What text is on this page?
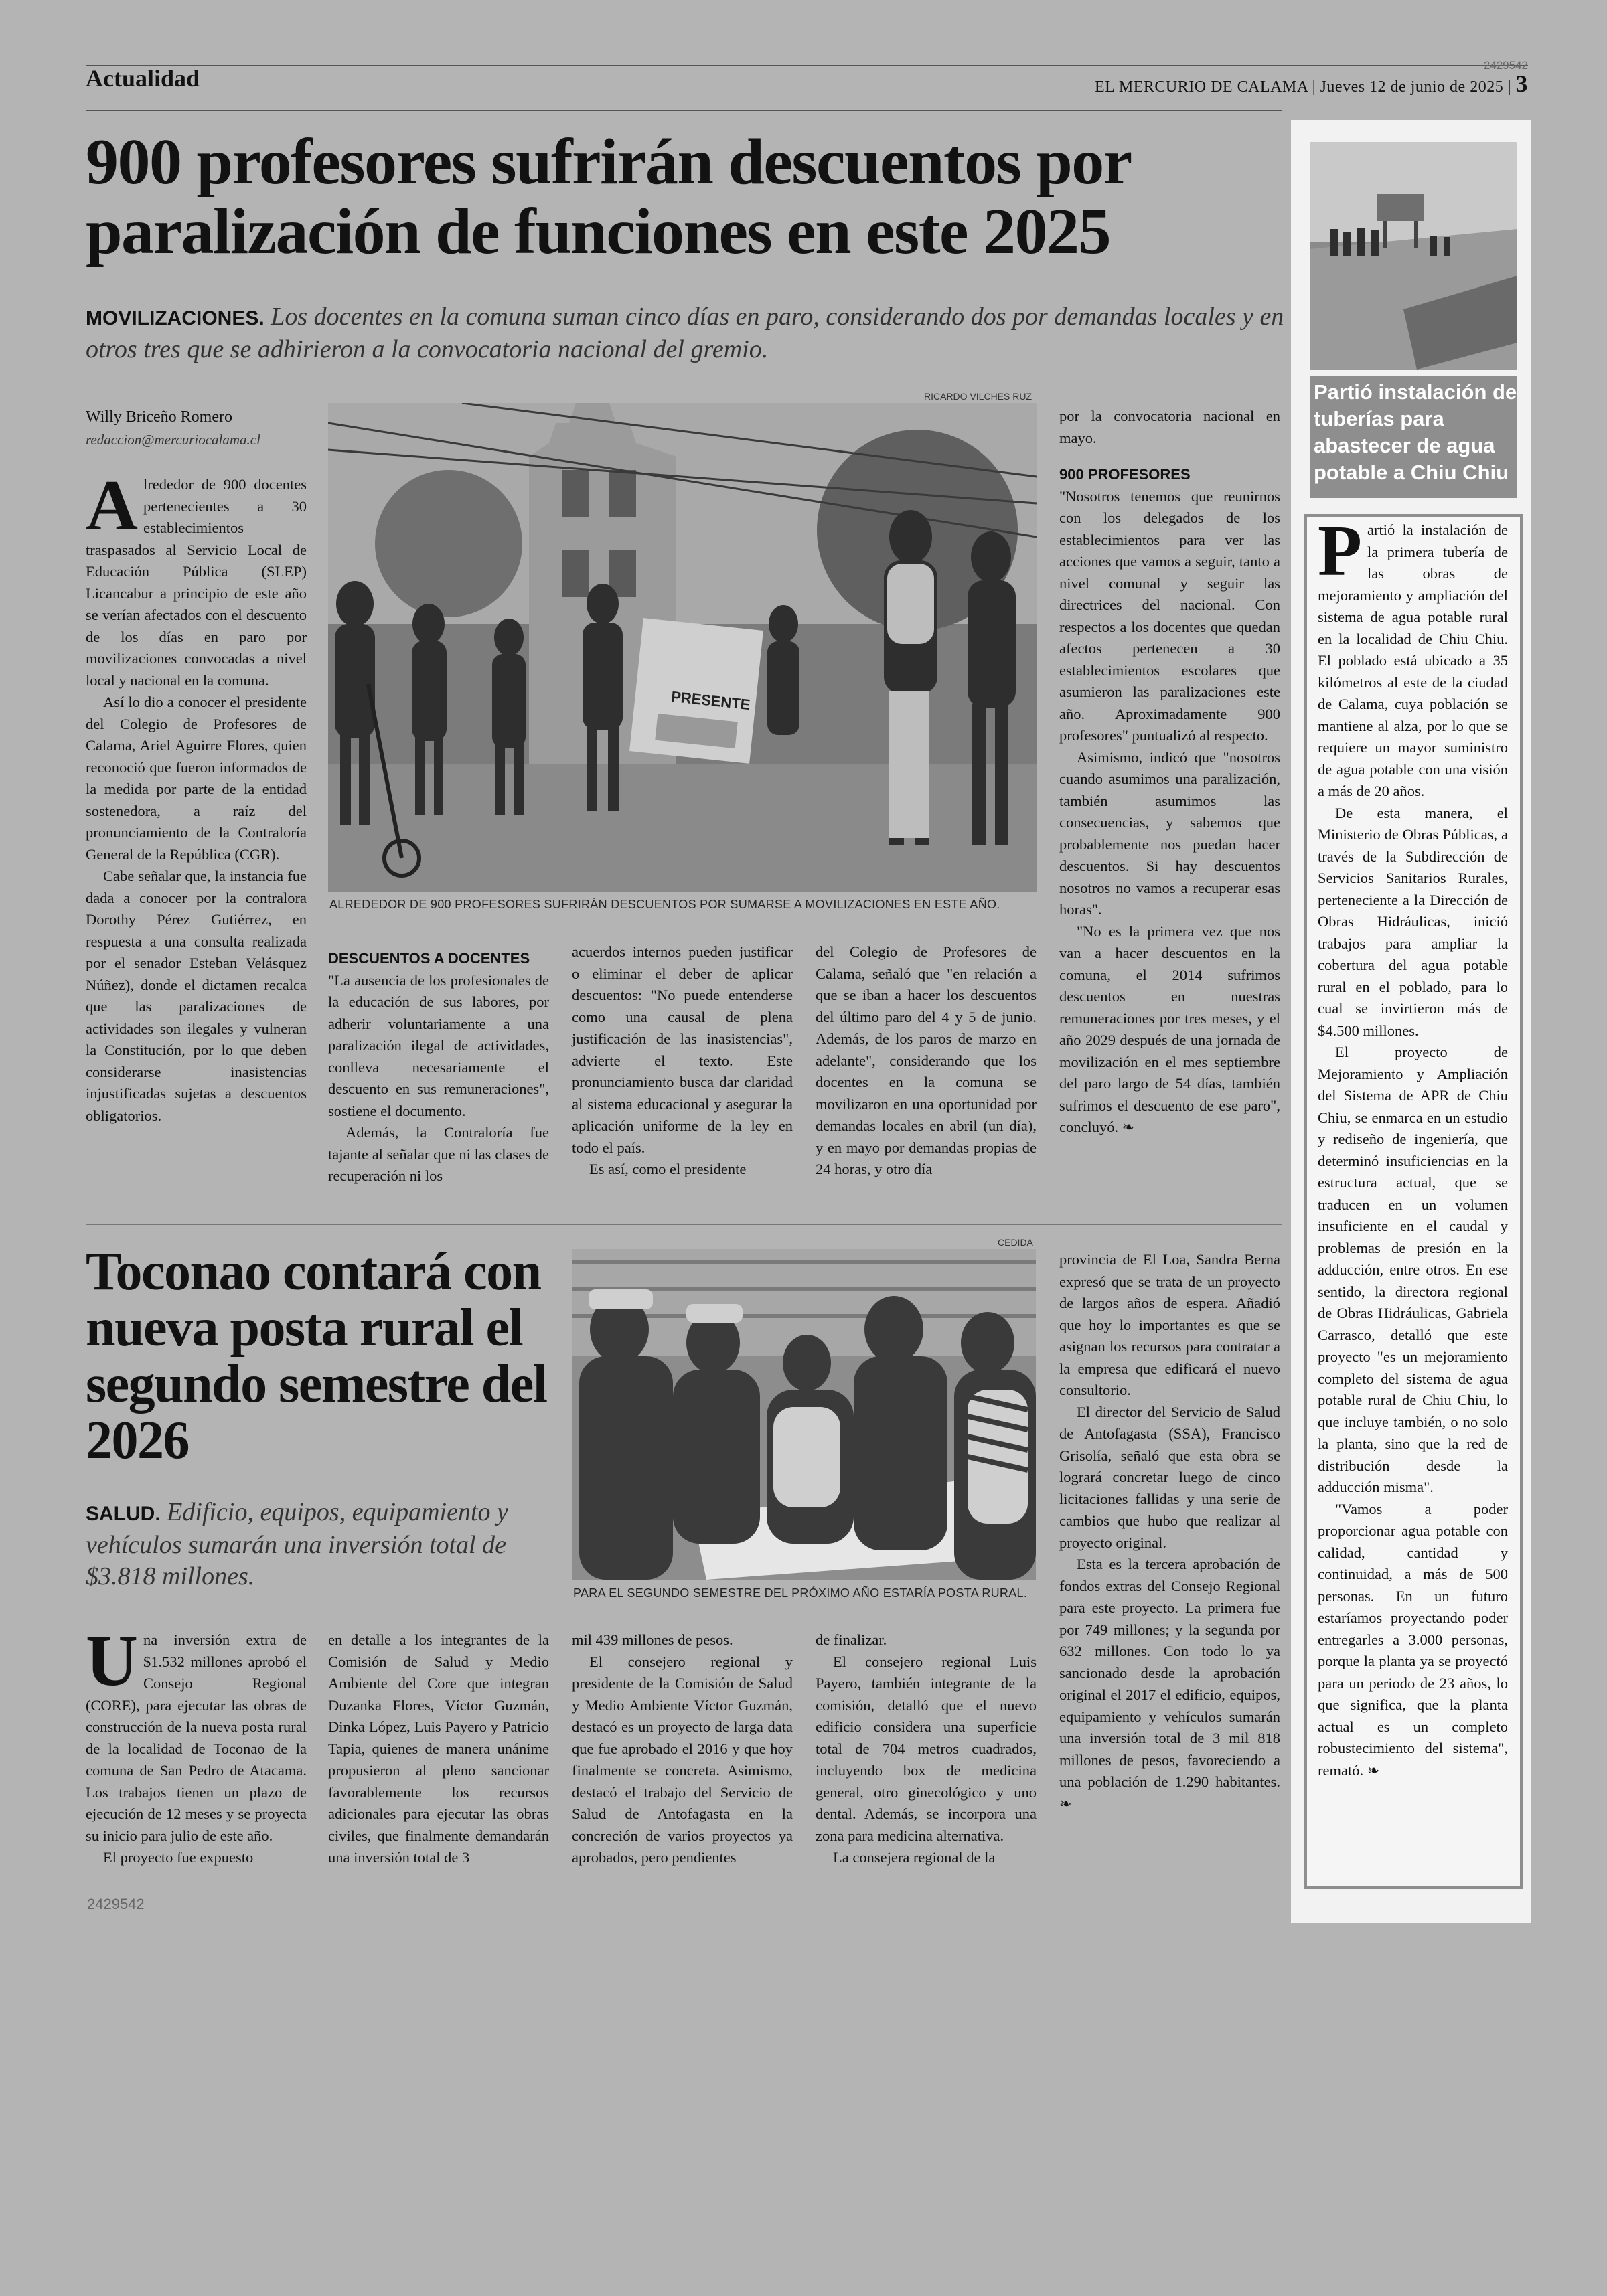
Actualidad	2429542
EL MERCURIO DE CALAMA | Jueves 12 de junio de 2025 | 3
900 profesores sufrirán descuentos por paralización de funciones en este 2025
MOVILIZACIONES. Los docentes en la comuna suman cinco días en paro, considerando dos por demandas locales y en otros tres que se adhirieron a la convocatoria nacional del gremio.
Willy Briceño Romero
redaccion@mercuriocalama.cl
RICARDO VILCHES RUZ
PRESENTE
ALREDEDOR DE 900 PROFESORES SUFRIRÁN DESCUENTOS POR SUMARSE A MOVILIZACIONES EN ESTE AÑO.
A lrededor de 900 docentes pertenecientes a 30 establecimientos traspasados al Servicio Local de Educación Pública (SLEP) Licancabur a principio de este año se verían afectados con el descuento de los días en paro por movilizaciones convocadas a nivel local y nacional en la comuna.

Así lo dio a conocer el presidente del Colegio de Profesores de Calama, Ariel Aguirre Flores, quien reconoció que fueron informados de la medida por parte de la entidad sostenedora, a raíz del pronunciamiento de la Contraloría General de la República (CGR).

Cabe señalar que, la instancia fue dada a conocer por la contralora Dorothy Pérez Gutiérrez, en respuesta a una consulta realizada por el senador Esteban Velásquez Núñez), donde el dictamen recalca que las paralizaciones de actividades son ilegales y vulneran la Constitución, por lo que deben considerarse inasistencias injustificadas sujetas a descuentos obligatorios.

DESCUENTOS A DOCENTES

"La ausencia de los profesionales de la educación de sus labores, por adherir voluntariamente a una paralización ilegal de actividades, conlleva necesariamente el descuento en sus remuneraciones", sostiene el documento.

Además, la Contraloría fue tajante al señalar que ni las clases de recuperación ni los

acuerdos internos pueden justificar o eliminar el deber de aplicar descuentos: "No puede entenderse como una causal de plena justificación de las inasistencias", advierte el texto. Este pronunciamiento busca dar claridad al sistema educacional y asegurar la aplicación uniforme de la ley en todo el país.

Es así, como el presidente

del Colegio de Profesores de Calama, señaló que "en relación a que se iban a hacer los descuentos del último paro del 4 y 5 de junio. Además, de los paros de marzo en adelante", considerando que los docentes en la comuna se movilizaron en una oportunidad por demandas locales en abril (un día), y en mayo por demandas propias de 24 horas, y otro día

por la convocatoria nacional en mayo.

900 PROFESORES

"Nosotros tenemos que reunirnos con los delegados de los establecimientos para ver las acciones que vamos a seguir, tanto a nivel comunal y seguir las directrices del nacional. Con respectos a los docentes que quedan afectos pertenecen a 30 establecimientos escolares que asumieron las paralizaciones este año. Aproximadamente 900 profesores" puntualizó al respecto.

Asimismo, indicó que "nosotros cuando asumimos una paralización, también asumimos las consecuencias, y sabemos que probablemente nos puedan hacer descuentos. Si hay descuentos nosotros no vamos a recuperar esas horas".

"No es la primera vez que nos van a hacer descuentos en la comuna, el 2014 sufrimos descuentos en nuestras remuneraciones por tres meses, y el año 2029 después de una jornada de movilización en el mes septiembre del paro largo de 54 días, también sufrimos el descuento de ese paro", concluyó. ❧

Toconao contará con nueva posta rural el segundo semestre del 2026
SALUD. Edificio, equipos, equipamiento y vehículos sumarán una inversión total de $3.818 millones.
CEDIDA
PARA EL SEGUNDO SEMESTRE DEL PRÓXIMO AÑO ESTARÍA POSTA RURAL.
U na inversión extra de $1.532 millones aprobó el Consejo Regional (CORE), para ejecutar las obras de construcción de la nueva posta rural de la localidad de Toconao de la comuna de San Pedro de Atacama. Los trabajos tienen un plazo de ejecución de 12 meses y se proyecta su inicio para julio de este año.

El proyecto fue expuesto

en detalle a los integrantes de la Comisión de Salud y Medio Ambiente del Core que integran Duzanka Flores, Víctor Guzmán, Dinka López, Luis Payero y Patricio Tapia, quienes de manera unánime propusieron al pleno sancionar favorablemente los recursos adicionales para ejecutar las obras civiles, que finalmente demandarán una inversión total de 3

mil 439 millones de pesos.

El consejero regional y presidente de la Comisión de Salud y Medio Ambiente Víctor Guzmán, destacó es un proyecto de larga data que fue aprobado el 2016 y que hoy finalmente se concreta. Asimismo, destacó el trabajo del Servicio de Salud de Antofagasta en la concreción de varios proyectos ya aprobados, pero pendientes

de finalizar.

El consejero regional Luis Payero, también integrante de la comisión, detalló que el nuevo edificio considera una superficie total de 704 metros cuadrados, incluyendo box de medicina general, otro ginecológico y uno dental. Además, se incorpora una zona para medicina alternativa.

La consejera regional de la

provincia de El Loa, Sandra Berna expresó que se trata de un proyecto de largos años de espera. Añadió que hoy lo importantes es que se asignan los recursos para contratar a la empresa que edificará el nuevo consultorio.

El director del Servicio de Salud de Antofagasta (SSA), Francisco Grisolía, señaló que esta obra se logrará concretar luego de cinco licitaciones fallidas y una serie de cambios que hubo que realizar al proyecto original.

Esta es la tercera aprobación de fondos extras del Consejo Regional para este proyecto. La primera fue por 749 millones; y la segunda por 632 millones. Con todo lo ya sancionado desde la aprobación original el 2017 el edificio, equipos, equipamiento y vehículos sumarán una inversión total de 3 mil 818 millones de pesos, favoreciendo a una población de 1.290 habitantes. ❧

2429542
Partió instalación de tuberías para abastecer de agua potable a Chiu Chiu
P artió la instalación de la primera tubería de las obras de mejoramiento y ampliación del sistema de agua potable rural en la localidad de Chiu Chiu. El poblado está ubicado a 35 kilómetros al este de la ciudad de Calama, cuya población se mantiene al alza, por lo que se requiere un mayor suministro de agua potable con una visión a más de 20 años.

De esta manera, el Ministerio de Obras Públicas, a través de la Subdirección de Servicios Sanitarios Rurales, perteneciente a la Dirección de Obras Hidráulicas, inició trabajos para ampliar la cobertura del agua potable rural en el poblado, para lo cual se invirtieron más de $4.500 millones.

El proyecto de Mejoramiento y Ampliación del Sistema de APR de Chiu Chiu, se enmarca en un estudio y rediseño de ingeniería, que determinó insuficiencias en la estructura actual, que se traducen en un volumen insuficiente en el caudal y problemas de presión en la adducción, entre otros. En ese sentido, la directora regional de Obras Hidráulicas, Gabriela Carrasco, detalló que este proyecto "es un mejoramiento completo del sistema de agua potable rural de Chiu Chiu, lo que incluye también, o no solo la planta, sino que la red de distribución desde la adducción misma".

"Vamos a poder proporcionar agua potable con calidad, cantidad y continuidad, a más de 500 personas. En un futuro estaríamos proyectando poder entregarles a 3.000 personas, porque la planta ya se proyectó para un periodo de 23 años, lo que significa, que la planta actual es un completo robustecimiento del sistema", remató. ❧
